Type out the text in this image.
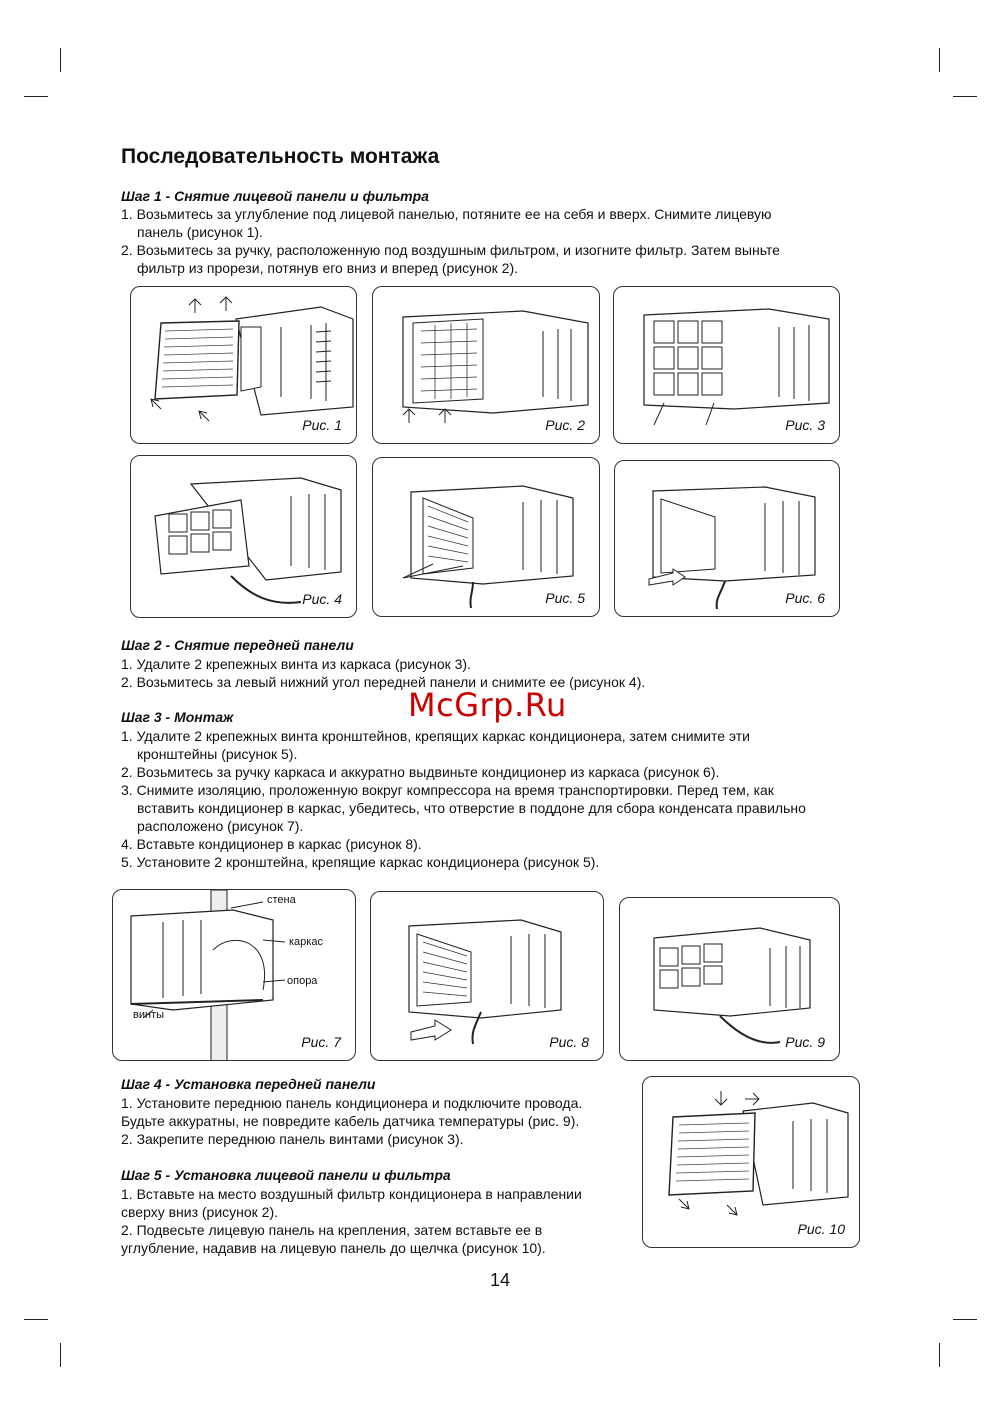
Последовательность монтажа
Шаг 1 - Снятие лицевой панели и фильтра
1. Возьмитесь за углубление под лицевой панелью, потяните ее на себя и вверх. Снимите лицевую
панель (рисунок 1).
2. Возьмитесь за ручку, расположенную под воздушным фильтром, и изогните фильтр. Затем выньте
фильтр из прорези, потянув его вниз и вперед (рисунок 2).
Рис. 1	Рис. 2	Рис. 3
Рис. 4	Рис. 5	Рис. 6
Шаг 2 - Снятие передней панели
1. Удалите 2 крепежных винта из каркаса (рисунок 3).
2. Возьмитесь за левый нижний угол передней панели и снимите ее (рисунок 4).
Шаг 3 - Монтаж
1. Удалите 2 крепежных винта кронштейнов, крепящих каркас кондиционера, затем снимите эти
кронштейны (рисунок 5).
2. Возьмитесь за ручку каркаса и аккуратно выдвиньте кондиционер из каркаса (рисунок 6).
3. Снимите изоляцию, проложенную вокруг компрессора на время транспортировки. Перед тем, как
вставить кондиционер в каркас, убедитесь, что отверстие в поддоне для сбора конденсата правильно
расположено (рисунок 7).
4. Вставьте кондиционер в каркас (рисунок 8).
5. Установите 2 кронштейна, крепящие каркас кондиционера (рисунок 5).
McGrp.Ru
стена
каркас
опора
винты
Рис. 7	Рис. 8	Рис. 9
Шаг 4 - Установка передней панели
1. Установите переднюю панель кондиционера и подключите провода.
Будьте аккуратны, не повредите кабель датчика температуры (рис. 9).
2. Закрепите переднюю панель винтами (рисунок 3).
Шаг 5 - Установка лицевой панели и фильтра
1. Вставьте на место воздушный фильтр кондиционера в направлении
сверху вниз (рисунок 2).
2. Подвесьте лицевую панель на крепления, затем вставьте ее в
углубление, надавив на лицевую панель до щелчка (рисунок 10).
Рис. 10
14
